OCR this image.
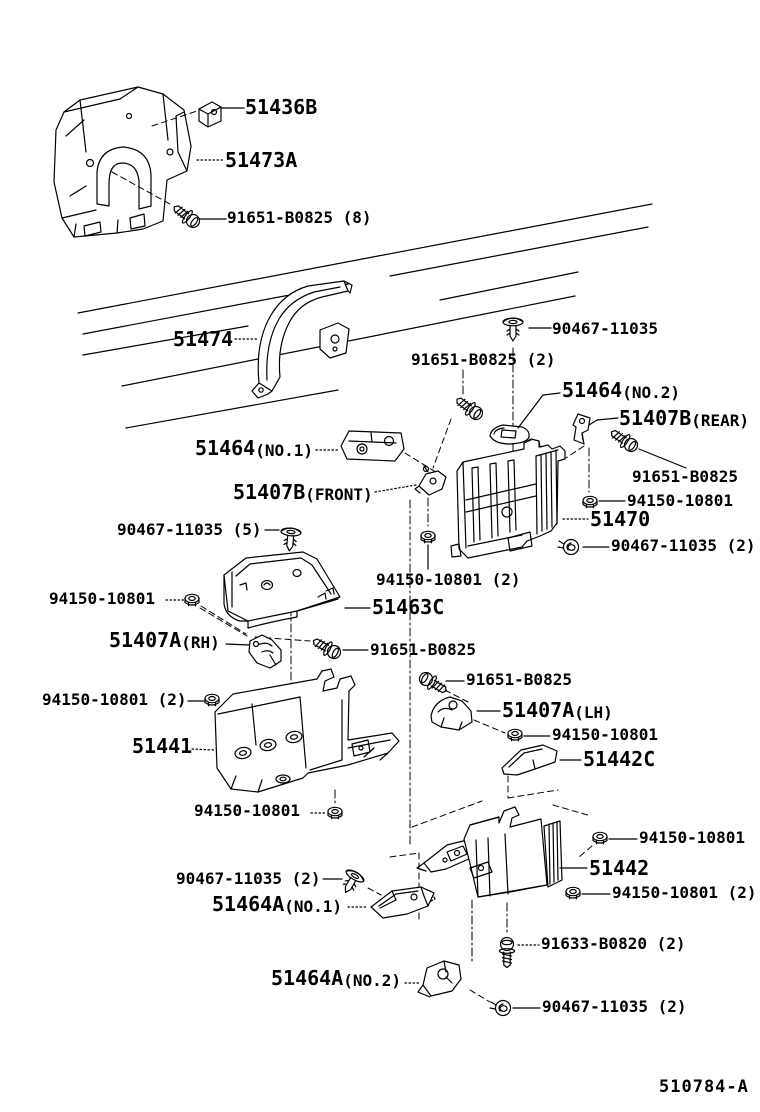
51436B
51473A
91651-B0825 (8)
51474	90467-11035
91651-B0825 (2)
51464 (NO.2)
51407B (REAR)
51464 (NO.1)
51407B (FRONT)
91651-B0825
94150-10801
51470
90467-11035 (5)
90467-11035 (2)
94150-10801
94150-10801 (2)
51463C
51407A (RH)	91651-B0825
91651-B0825
51407A (LH)
94150-10801 (2)
94150-10801
51441
51442C
94150-10801
94150-10801
51442
90467-11035 (2)
94150-10801 (2)
51464A (NO.1)
91633-B0820 (2)
51464A (NO.2)
90467-11035 (2)
510784-A
